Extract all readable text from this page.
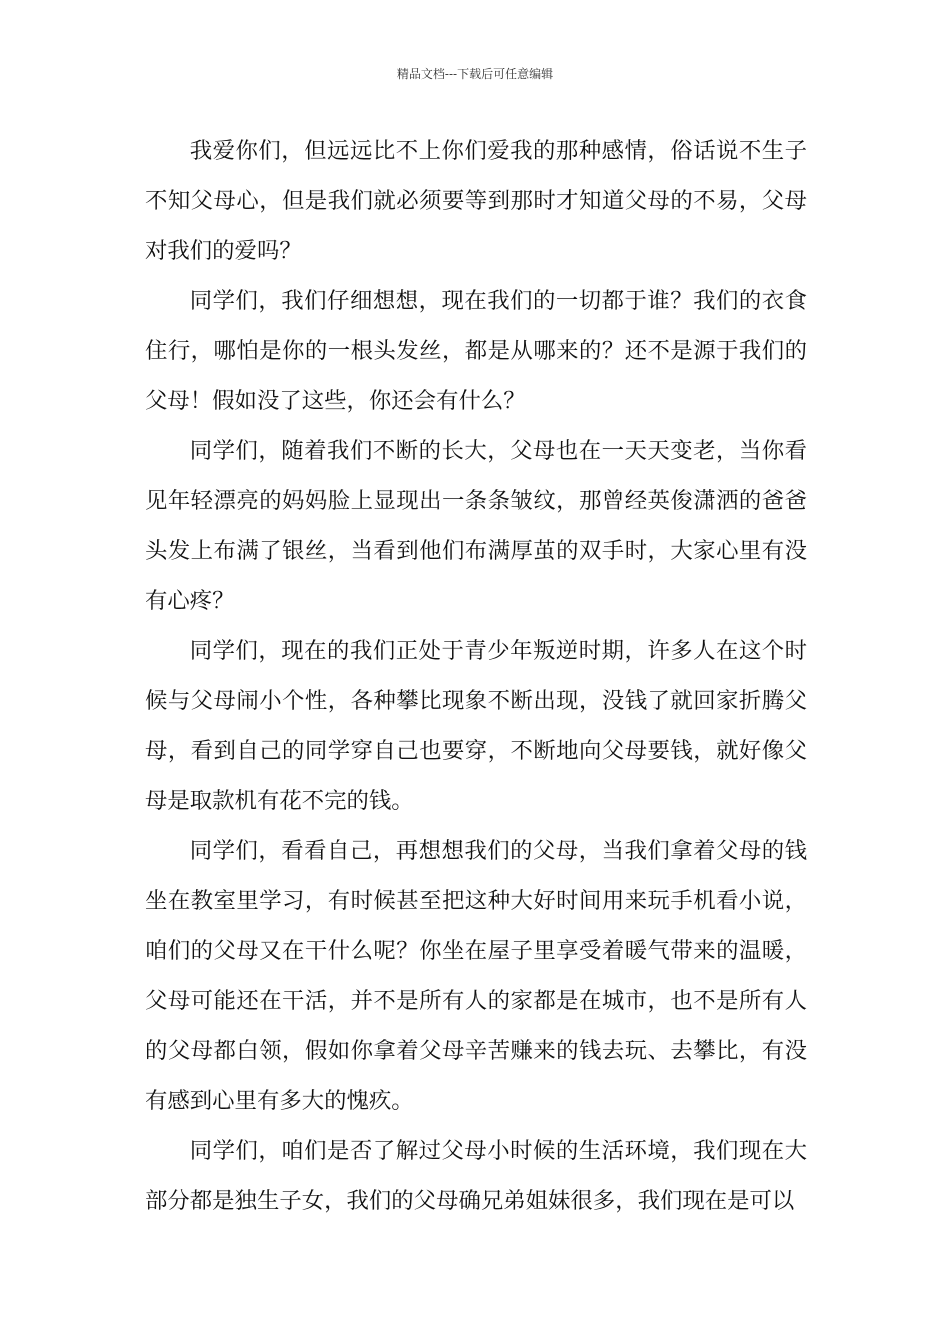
精品文档---下载后可任意编辑

我爱你们，但远远比不上你们爱我的那种感情，俗话说不生子不知父母心，但是我们就必须要等到那时才知道父母的不易，父母对我们的爱吗？

同学们，我们仔细想想，现在我们的一切都于谁？我们的衣食住行，哪怕是你的一根头发丝，都是从哪来的？还不是源于我们的父母！假如没了这些，你还会有什么？

同学们，随着我们不断的长大，父母也在一天天变老，当你看见年轻漂亮的妈妈脸上显现出一条条皱纹，那曾经英俊潇洒的爸爸头发上布满了银丝，当看到他们布满厚茧的双手时，大家心里有没有心疼？

同学们，现在的我们正处于青少年叛逆时期，许多人在这个时候与父母闹小个性，各种攀比现象不断出现，没钱了就回家折腾父母，看到自己的同学穿自己也要穿，不断地向父母要钱，就好像父母是取款机有花不完的钱。

同学们，看看自己，再想想我们的父母，当我们拿着父母的钱坐在教室里学习，有时候甚至把这种大好时间用来玩手机看小说，咱们的父母又在干什么呢？你坐在屋子里享受着暖气带来的温暖，父母可能还在干活，并不是所有人的家都是在城市，也不是所有人的父母都白领，假如你拿着父母辛苦赚来的钱去玩、去攀比，有没有感到心里有多大的愧疚。

同学们，咱们是否了解过父母小时候的生活环境，我们现在大部分都是独生子女，我们的父母确兄弟姐妹很多，我们现在是可以
